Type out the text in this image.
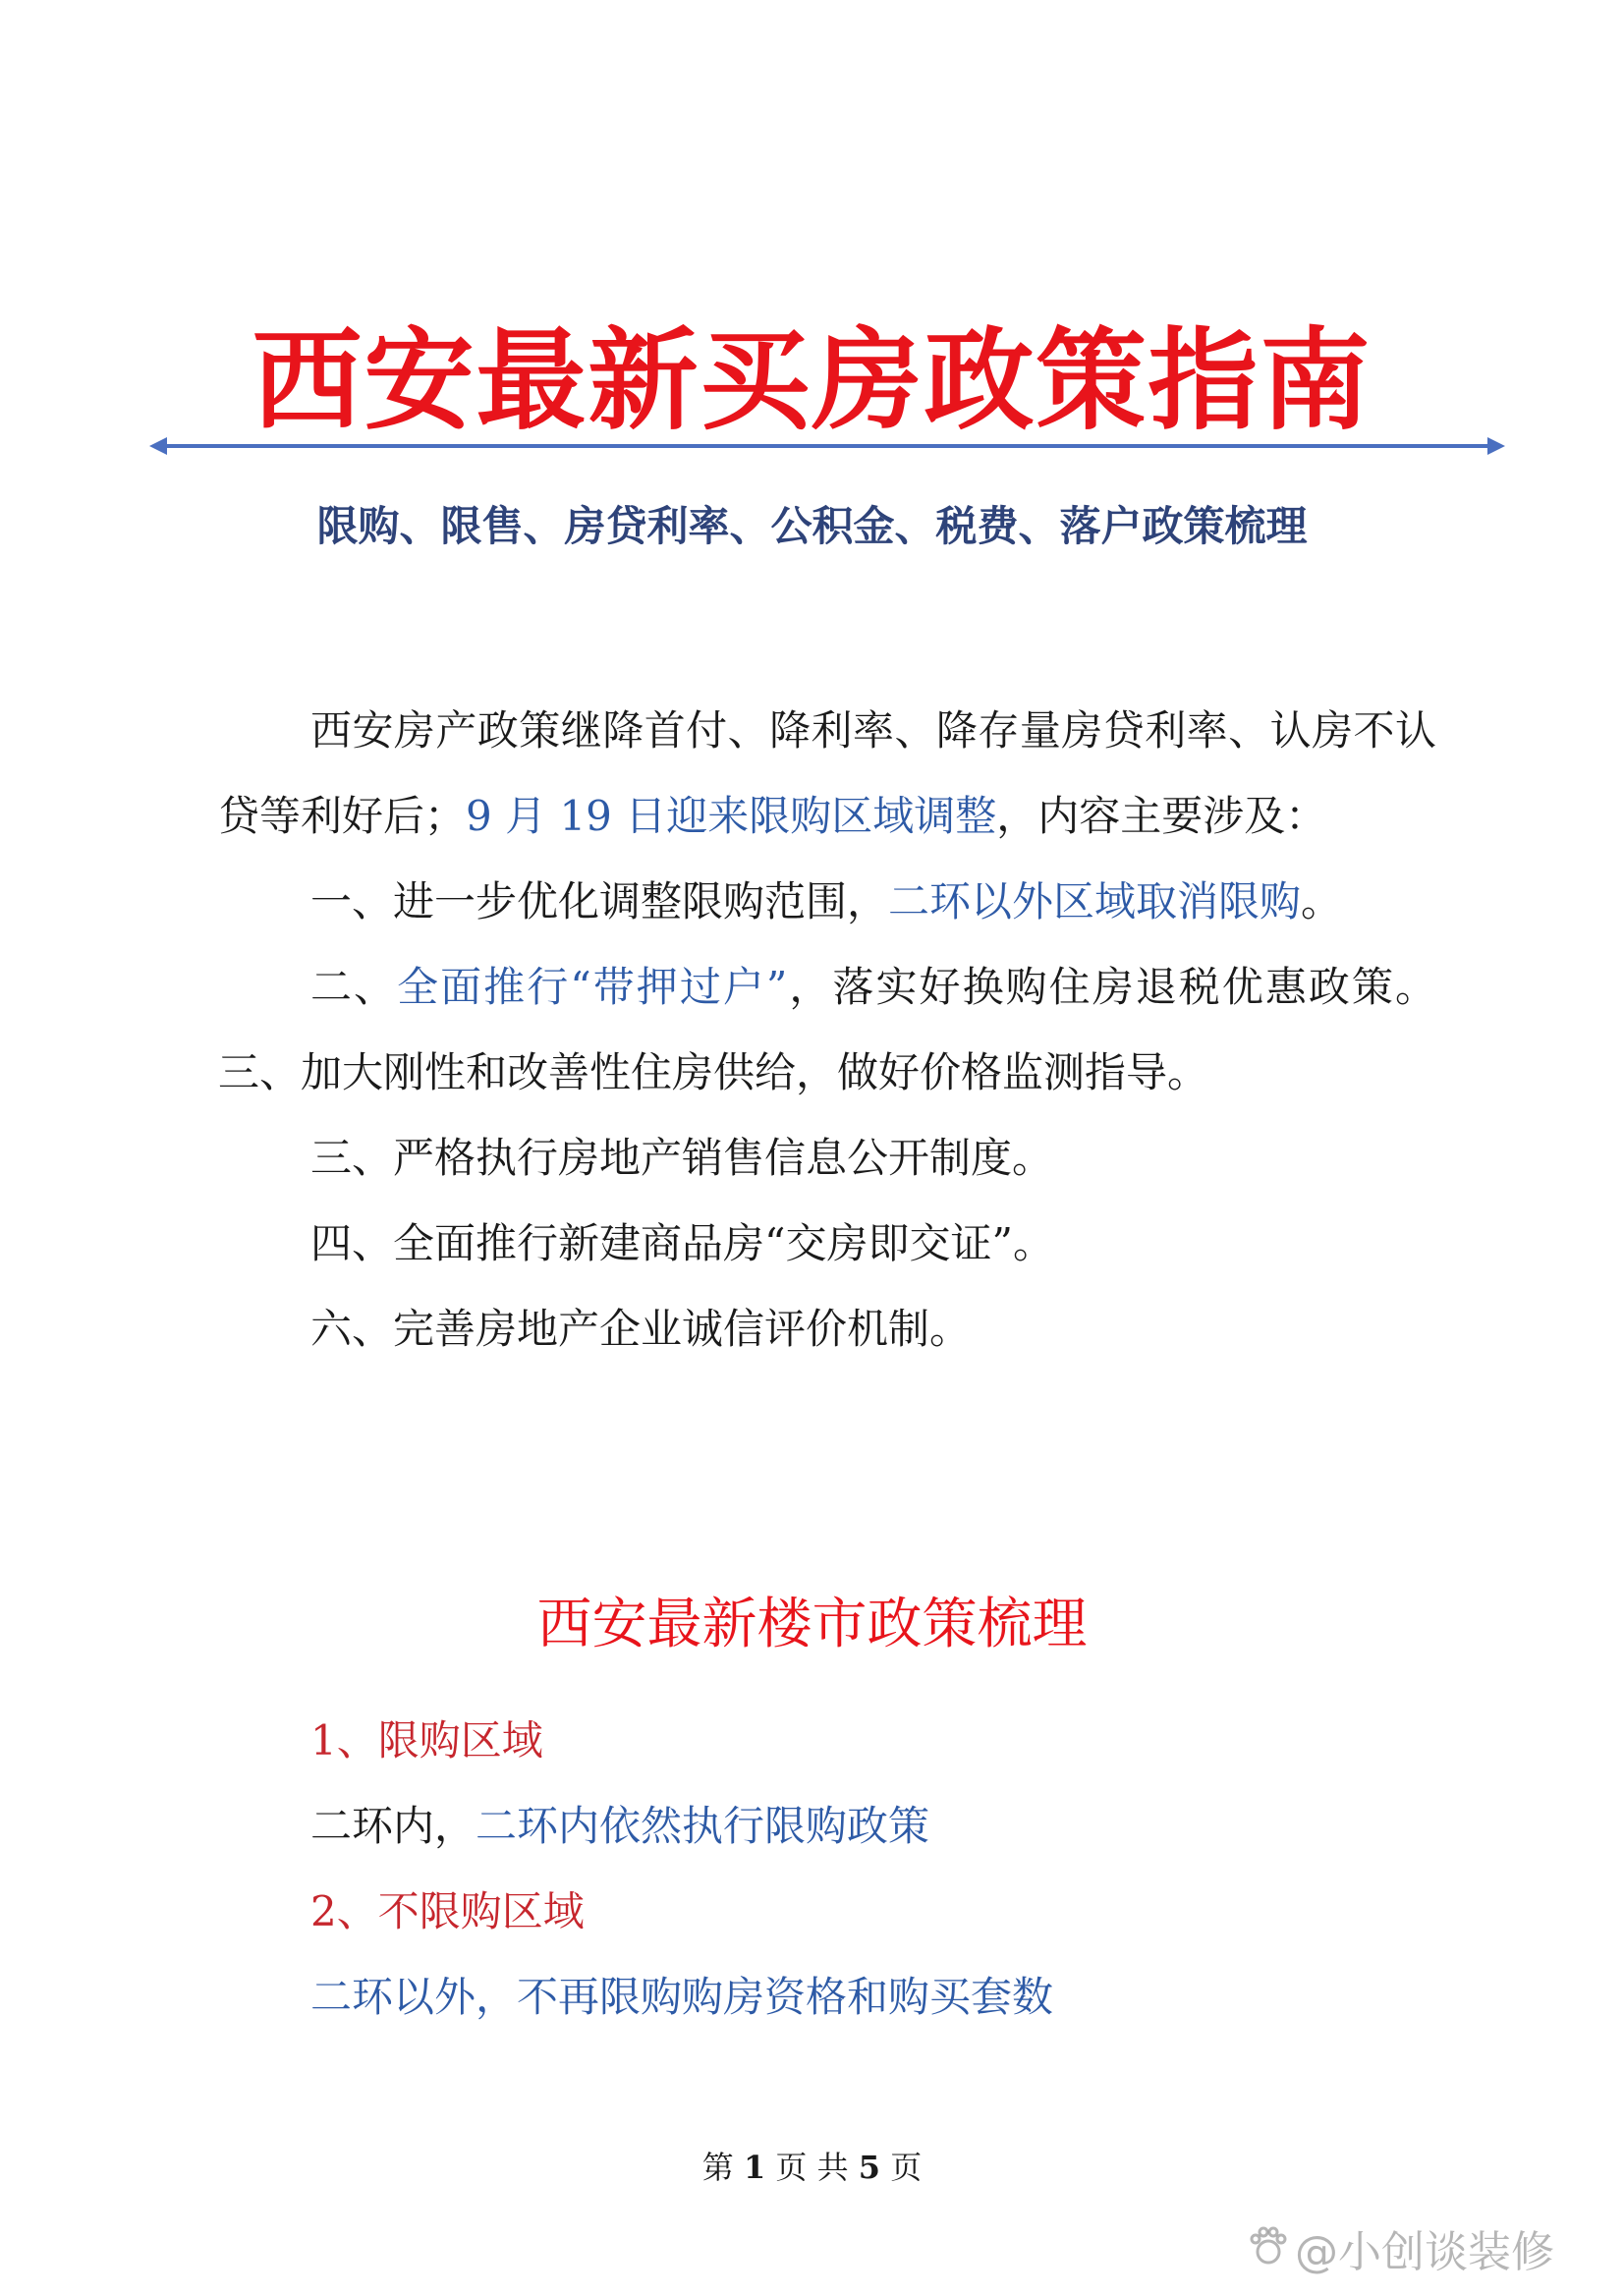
西安最新买房政策指南
限购、限售、房贷利率、公积金、税费、落户政策梳理

西安房产政策继降首付、降利率、降存量房贷利率、认房不认贷等利好后；9 月 19 日迎来限购区域调整，内容主要涉及：

一、进一步优化调整限购范围，二环以外区域取消限购。

二、全面推行“带押过户”，落实好换购住房退税优惠政策。三、加大刚性和改善性住房供给，做好价格监测指导。

三、严格执行房地产销售信息公开制度。

四、全面推行新建商品房“交房即交证”。

六、完善房地产企业诚信评价机制。

西安最新楼市政策梳理

1、限购区域

二环内，二环内依然执行限购政策

2、不限购区域

二环以外，不再限购购房资格和购买套数

第 1 页 共 5 页
@小创谈装修
